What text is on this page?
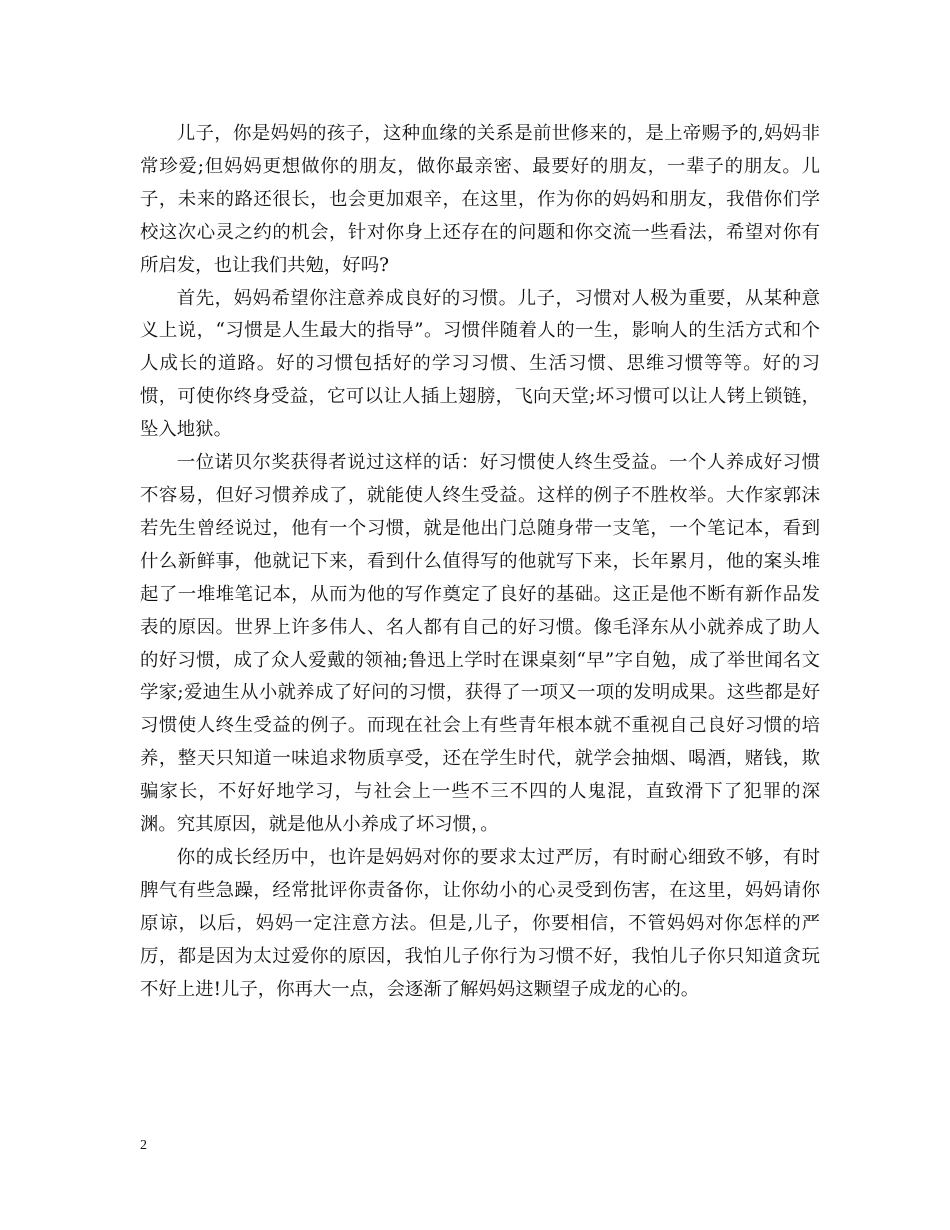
儿子，你是妈妈的孩子，这种血缘的关系是前世修来的，是上帝赐予的,妈妈非常珍爱;但妈妈更想做你的朋友，做你最亲密、最要好的朋友，一辈子的朋友。儿子，未来的路还很长，也会更加艰辛，在这里，作为你的妈妈和朋友，我借你们学校这次心灵之约的机会，针对你身上还存在的问题和你交流一些看法，希望对你有所启发，也让我们共勉，好吗?

首先，妈妈希望你注意养成良好的习惯。儿子，习惯对人极为重要，从某种意义上说，“习惯是人生最大的指导”。习惯伴随着人的一生，影响人的生活方式和个人成长的道路。好的习惯包括好的学习习惯、生活习惯、思维习惯等等。好的习惯，可使你终身受益，它可以让人插上翅膀，飞向天堂;坏习惯可以让人铐上锁链，坠入地狱。

一位诺贝尔奖获得者说过这样的话：好习惯使人终生受益。一个人养成好习惯不容易，但好习惯养成了，就能使人终生受益。这样的例子不胜枚举。大作家郭沫若先生曾经说过，他有一个习惯，就是他出门总随身带一支笔，一个笔记本，看到什么新鲜事，他就记下来，看到什么值得写的他就写下来，长年累月，他的案头堆起了一堆堆笔记本，从而为他的写作奠定了良好的基础。这正是他不断有新作品发表的原因。世界上许多伟人、名人都有自己的好习惯。像毛泽东从小就养成了助人的好习惯，成了众人爱戴的领袖;鲁迅上学时在课桌刻“早”字自勉，成了举世闻名文学家;爱迪生从小就养成了好问的习惯，获得了一项又一项的发明成果。这些都是好习惯使人终生受益的例子。而现在社会上有些青年根本就不重视自己良好习惯的培养，整天只知道一味追求物质享受，还在学生时代，就学会抽烟、喝酒，赌钱，欺骗家长，不好好地学习，与社会上一些不三不四的人鬼混，直致滑下了犯罪的深渊。究其原因，就是他从小养成了坏习惯，。

你的成长经历中，也许是妈妈对你的要求太过严厉，有时耐心细致不够，有时脾气有些急躁，经常批评你责备你，让你幼小的心灵受到伤害，在这里，妈妈请你原谅，以后，妈妈一定注意方法。但是,儿子，你要相信，不管妈妈对你怎样的严厉，都是因为太过爱你的原因，我怕儿子你行为习惯不好，我怕儿子你只知道贪玩不好上进!儿子，你再大一点，会逐渐了解妈妈这颗望子成龙的心的。

2
